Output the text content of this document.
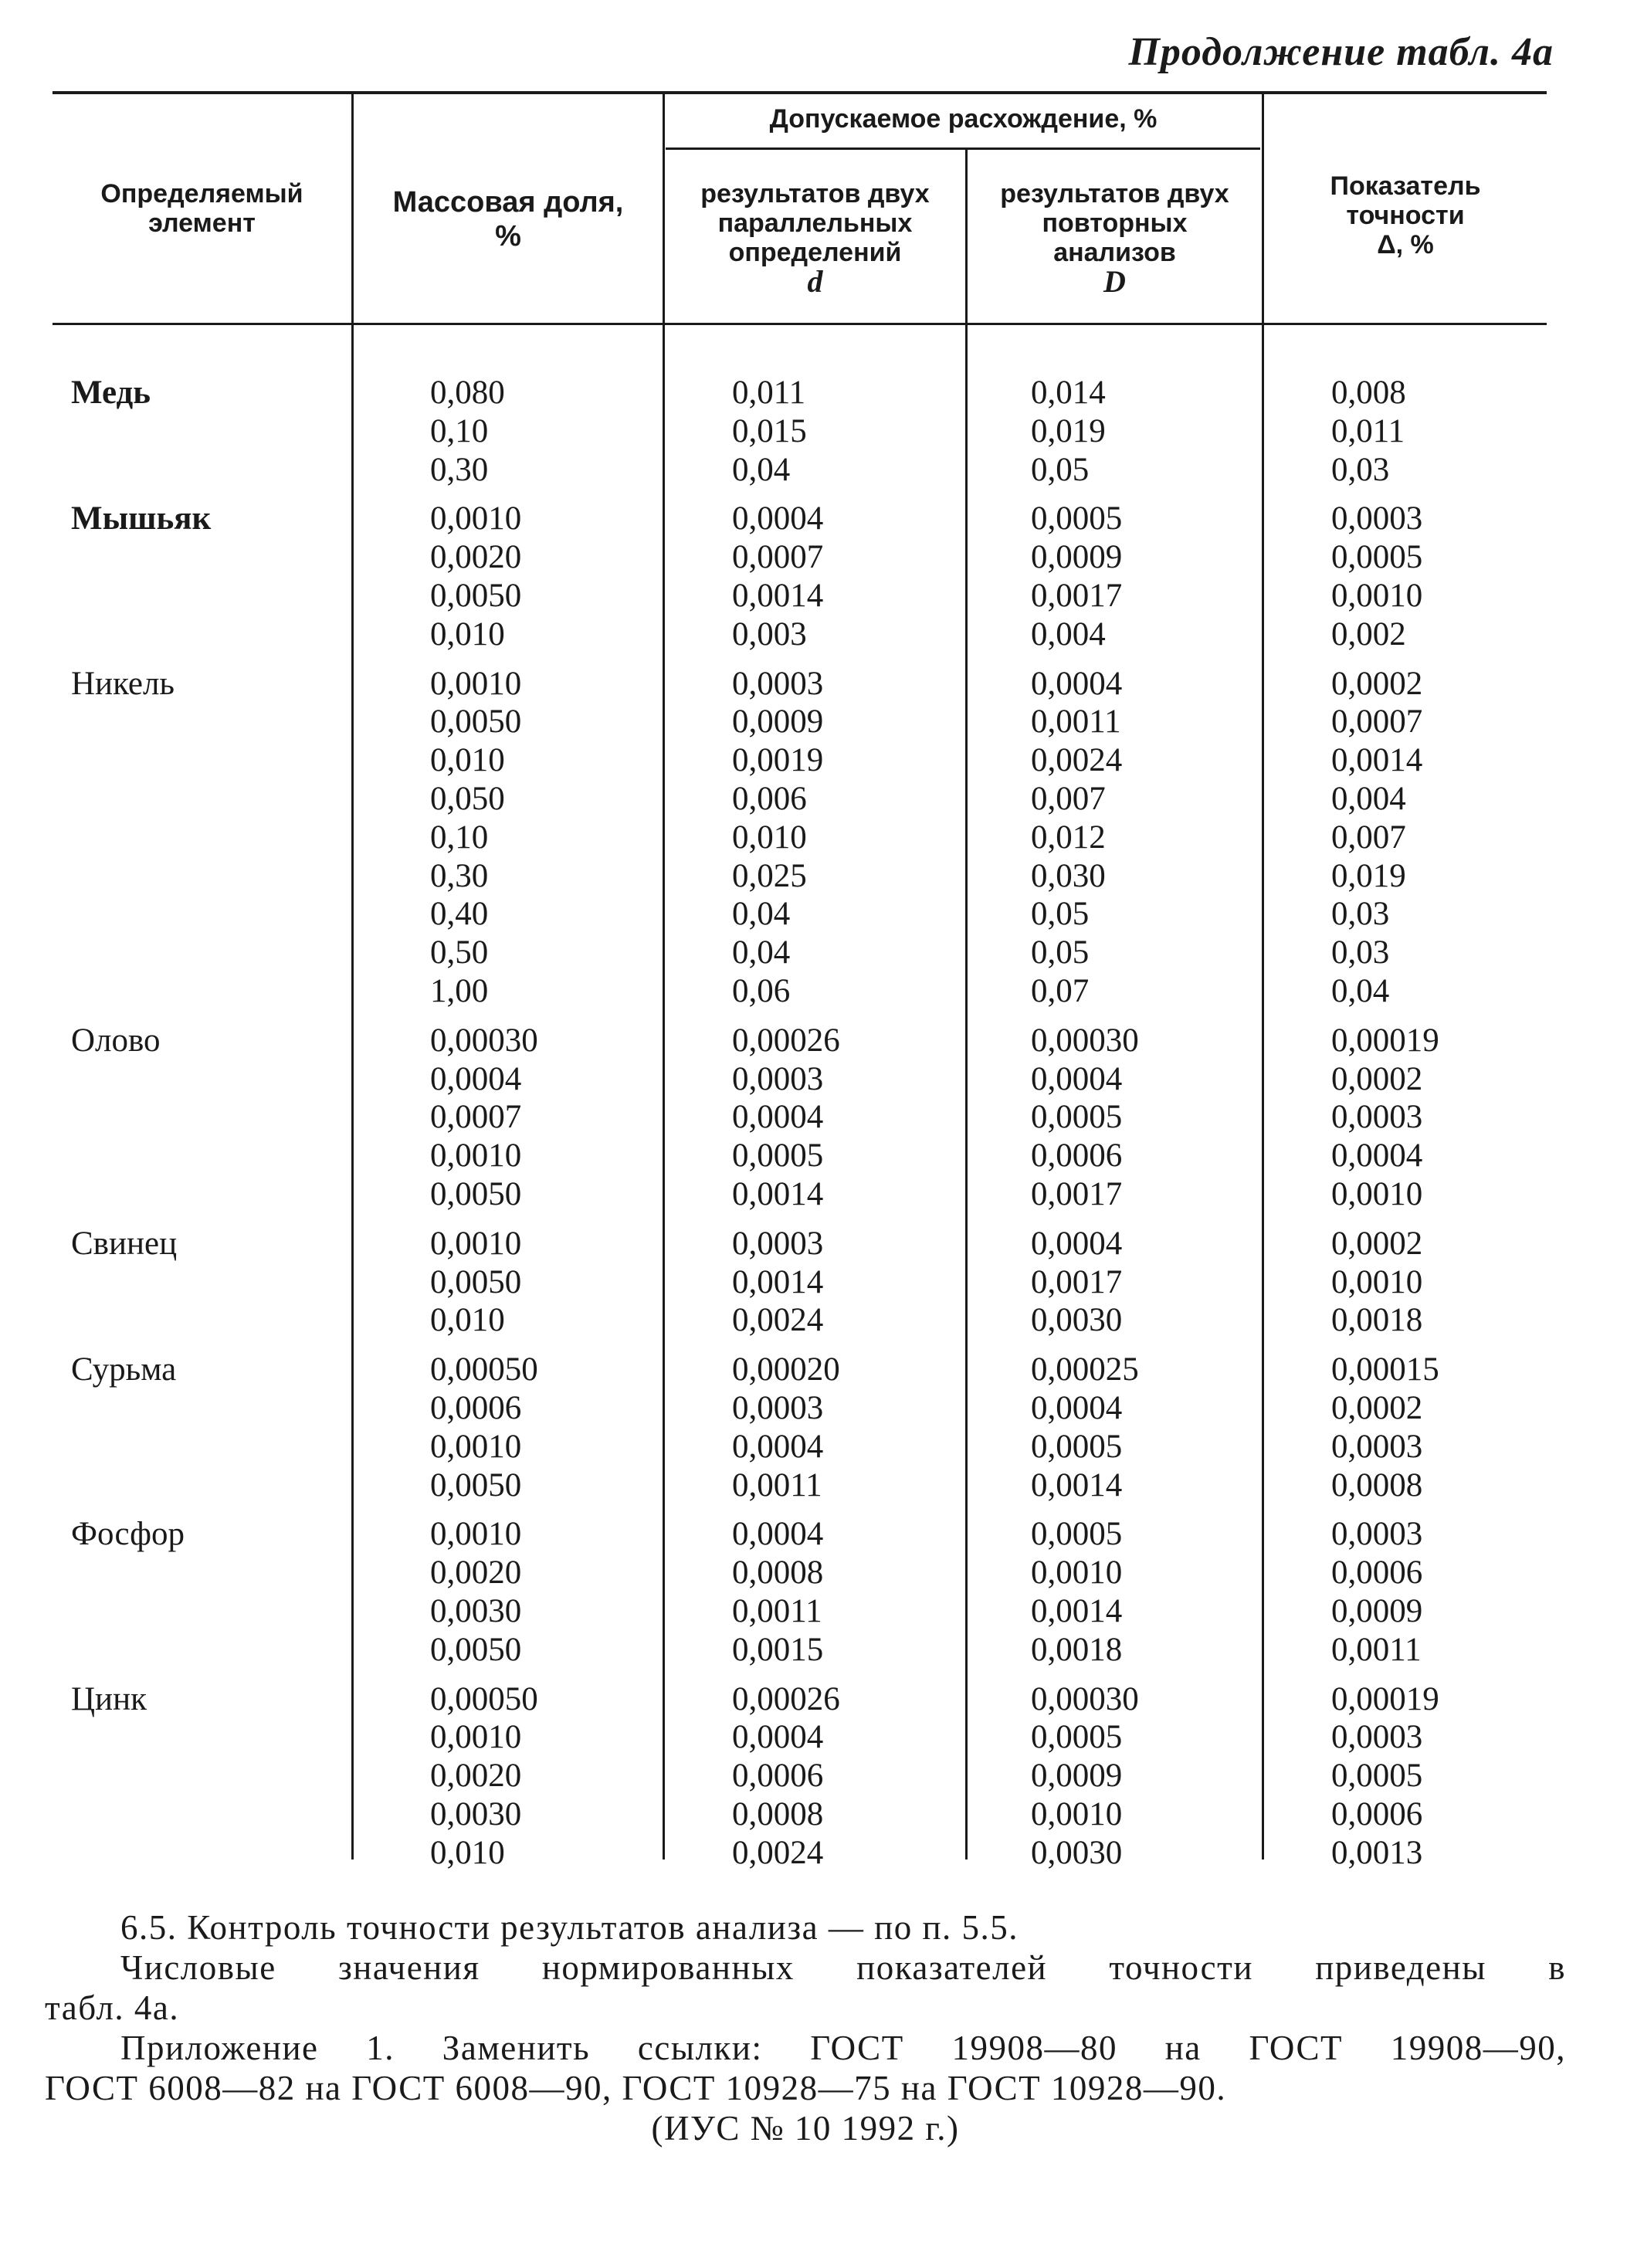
Продолжение табл. 4а
Определяемый
элемент
Массовая доля,
%
Допускаемое расхождение, %
результатов двух
параллельных
определений
d
результатов двух
повторных
анализов
D
Показатель
точности
Δ, %
Медь	0,080	0,011	0,014	0,008
0,10	0,015	0,019	0,011
0,30	0,04	0,05	0,03
Мышьяк	0,0010	0,0004	0,0005	0,0003
0,0020	0,0007	0,0009	0,0005
0,0050	0,0014	0,0017	0,0010
0,010	0,003	0,004	0,002
Никель	0,0010	0,0003	0,0004	0,0002
0,0050	0,0009	0,0011	0,0007
0,010	0,0019	0,0024	0,0014
0,050	0,006	0,007	0,004
0,10	0,010	0,012	0,007
0,30	0,025	0,030	0,019
0,40	0,04	0,05	0,03
0,50	0,04	0,05	0,03
1,00	0,06	0,07	0,04
Олово	0,00030	0,00026	0,00030	0,00019
0,0004	0,0003	0,0004	0,0002
0,0007	0,0004	0,0005	0,0003
0,0010	0,0005	0,0006	0,0004
0,0050	0,0014	0,0017	0,0010
Свинец	0,0010	0,0003	0,0004	0,0002
0,0050	0,0014	0,0017	0,0010
0,010	0,0024	0,0030	0,0018
Сурьма	0,00050	0,00020	0,00025	0,00015
0,0006	0,0003	0,0004	0,0002
0,0010	0,0004	0,0005	0,0003
0,0050	0,0011	0,0014	0,0008
Фосфор	0,0010	0,0004	0,0005	0,0003
0,0020	0,0008	0,0010	0,0006
0,0030	0,0011	0,0014	0,0009
0,0050	0,0015	0,0018	0,0011
Цинк	0,00050	0,00026	0,00030	0,00019
0,0010	0,0004	0,0005	0,0003
0,0020	0,0006	0,0009	0,0005
0,0030	0,0008	0,0010	0,0006
0,010	0,0024	0,0030	0,0013

6.5. Контроль точности результатов анализа — по п. 5.5.

Числовые значения нормированных показателей точности приведены в

табл. 4а.

Приложение 1. Заменить ссылки: ГОСТ 19908—80 на ГОСТ 19908—90,

ГОСТ 6008—82 на ГОСТ 6008—90, ГОСТ 10928—75 на ГОСТ 10928—90.

(ИУС № 10 1992 г.)
